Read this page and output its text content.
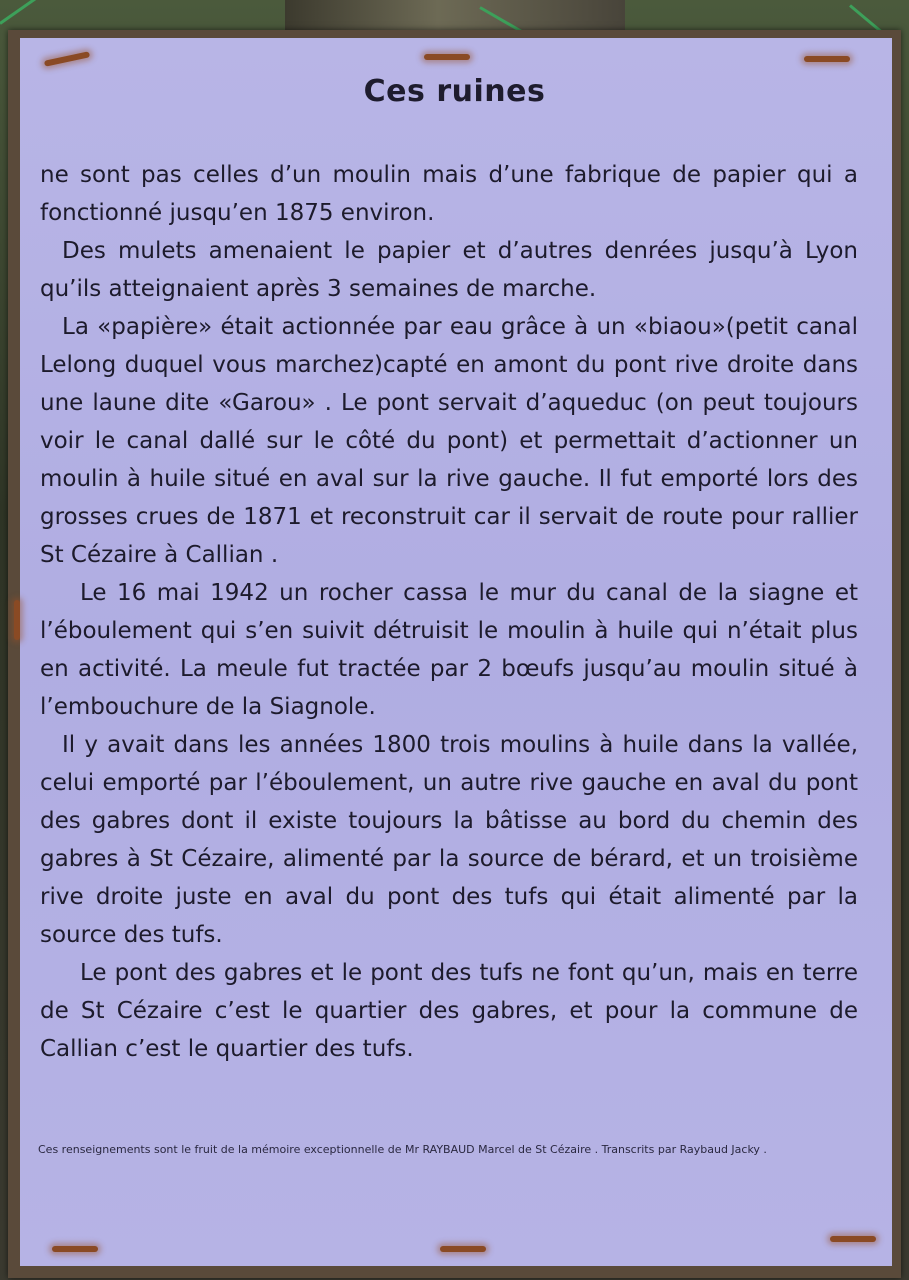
Ces ruines

ne sont pas celles d’un moulin mais d’une fabrique de papier qui a fonctionné jusqu’en 1875 environ.

Des mulets amenaient le papier et d’autres denrées jusqu’à Lyon qu’ils atteignaient après 3 semaines de marche.

La «papière» était actionnée par eau grâce à un «biaou»(petit canal Lelong duquel vous marchez)capté en amont du pont rive droite dans une laune dite «Garou» . Le pont servait d’aqueduc (on peut toujours voir le canal dallé sur le côté du pont) et permettait d’actionner un moulin à huile situé en aval sur la rive gauche. Il fut emporté lors des grosses crues de 1871 et reconstruit car il servait de route pour rallier St Cézaire à Callian .

Le 16 mai 1942 un rocher cassa le mur du canal de la siagne et l’éboulement qui s’en suivit détruisit le moulin à huile qui n’était plus en activité. La meule fut tractée par 2 bœufs jusqu’au moulin situé à l’embouchure de la Siagnole.

Il y avait dans les années 1800 trois moulins à huile dans la vallée, celui emporté par l’éboulement, un autre rive gauche en aval du pont des gabres dont il existe toujours la bâtisse au bord du chemin des gabres à St Cézaire, alimenté par la source de bérard, et un troisième rive droite juste en aval du pont des tufs qui était alimenté par la source des tufs.

Le pont des gabres et le pont des tufs ne font qu’un, mais en terre de St Cézaire c’est le quartier des gabres, et pour la commune de Callian c’est le quartier des tufs.

Ces renseignements sont le fruit de la mémoire exceptionnelle de Mr RAYBAUD Marcel de St Cézaire . Transcrits par Raybaud Jacky .
